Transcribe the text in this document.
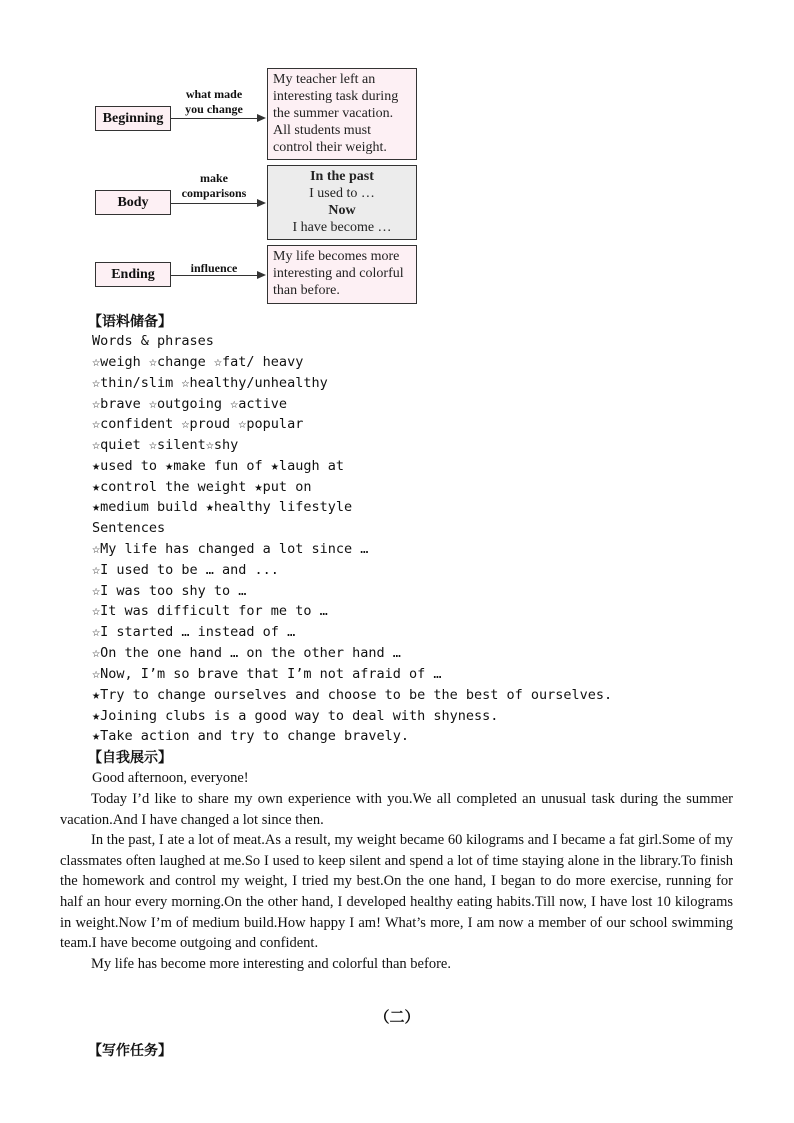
Beginning
what made
you change
My teacher left an
interesting task during
the summer vacation.
All students must
control their weight.
Body
make
comparisons
In the past
I used to …
Now
I have become …
Ending	influence
My life becomes more
interesting and colorful
than before.
【语料储备】
Words & phrases
☆weigh ☆change ☆fat/ heavy
☆thin/slim ☆healthy/unhealthy
☆brave ☆outgoing ☆active
☆confident ☆proud ☆popular
☆quiet ☆silent☆shy
★used to ★make fun of ★laugh at
★control the weight ★put on
★medium build ★healthy lifestyle
Sentences
☆My life has changed a lot since …
☆I used to be … and ...
☆I was too shy to …
☆It was difficult for me to …
☆I started … instead of …
☆On the one hand … on the other hand …
☆Now, I’m so brave that I’m not afraid of …
★Try to change ourselves and choose to be the best of ourselves.
★Joining clubs is a good way to deal with shyness.
★Take action and try to change bravely.
【自我展示】
Good afternoon, everyone!

Today I’d like to share my own experience with you.We all completed an unusual task during the summer vacation.And I have changed a lot since then.

In the past, I ate a lot of meat.As a result, my weight became 60 kilograms and I became a fat girl.Some of my classmates often laughed at me.So I used to keep silent and spend a lot of time staying alone in the library.To finish the homework and control my weight, I tried my best.On the one hand, I began to do more exercise, running for half an hour every morning.On the other hand, I developed healthy eating habits.Till now, I have lost 10 kilograms in weight.Now I’m of medium build.How happy I am! What’s more, I am now a member of our school swimming team.I have become outgoing and confident.

My life has become more interesting and colorful than before.

（二）
【写作任务】
